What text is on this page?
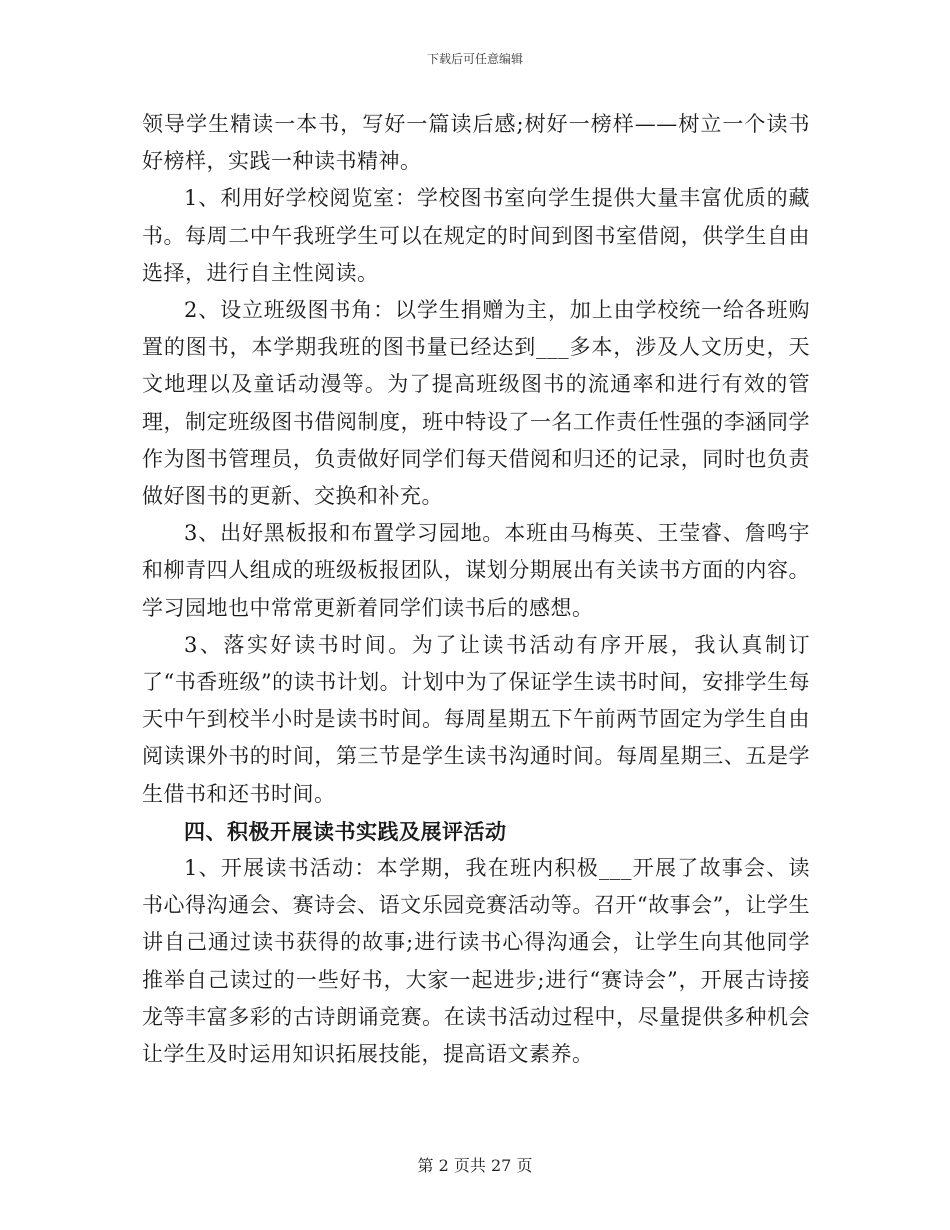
下载后可任意编辑

领导学生精读一本书，写好一篇读后感;树好一榜样——树立一个读书好榜样，实践一种读书精神。

1、利用好学校阅览室：学校图书室向学生提供大量丰富优质的藏书。每周二中午我班学生可以在规定的时间到图书室借阅，供学生自由选择，进行自主性阅读。

2、设立班级图书角：以学生捐赠为主，加上由学校统一给各班购置的图书，本学期我班的图书量已经达到___多本，涉及人文历史，天文地理以及童话动漫等。为了提高班级图书的流通率和进行有效的管理，制定班级图书借阅制度，班中特设了一名工作责任性强的李涵同学作为图书管理员，负责做好同学们每天借阅和归还的记录，同时也负责做好图书的更新、交换和补充。

3、出好黑板报和布置学习园地。本班由马梅英、王莹睿、詹鸣宇和柳青四人组成的班级板报团队，谋划分期展出有关读书方面的内容。学习园地也中常常更新着同学们读书后的感想。

3、落实好读书时间。为了让读书活动有序开展，我认真制订了“书香班级”的读书计划。计划中为了保证学生读书时间，安排学生每天中午到校半小时是读书时间。每周星期五下午前两节固定为学生自由阅读课外书的时间，第三节是学生读书沟通时间。每周星期三、五是学生借书和还书时间。

四、积极开展读书实践及展评活动

1、开展读书活动：本学期，我在班内积极___开展了故事会、读书心得沟通会、赛诗会、语文乐园竞赛活动等。召开“故事会”，让学生讲自己通过读书获得的故事;进行读书心得沟通会，让学生向其他同学推举自己读过的一些好书，大家一起进步;进行“赛诗会”，开展古诗接龙等丰富多彩的古诗朗诵竞赛。在读书活动过程中，尽量提供多种机会让学生及时运用知识拓展技能，提高语文素养。

第 2 页共 27 页
